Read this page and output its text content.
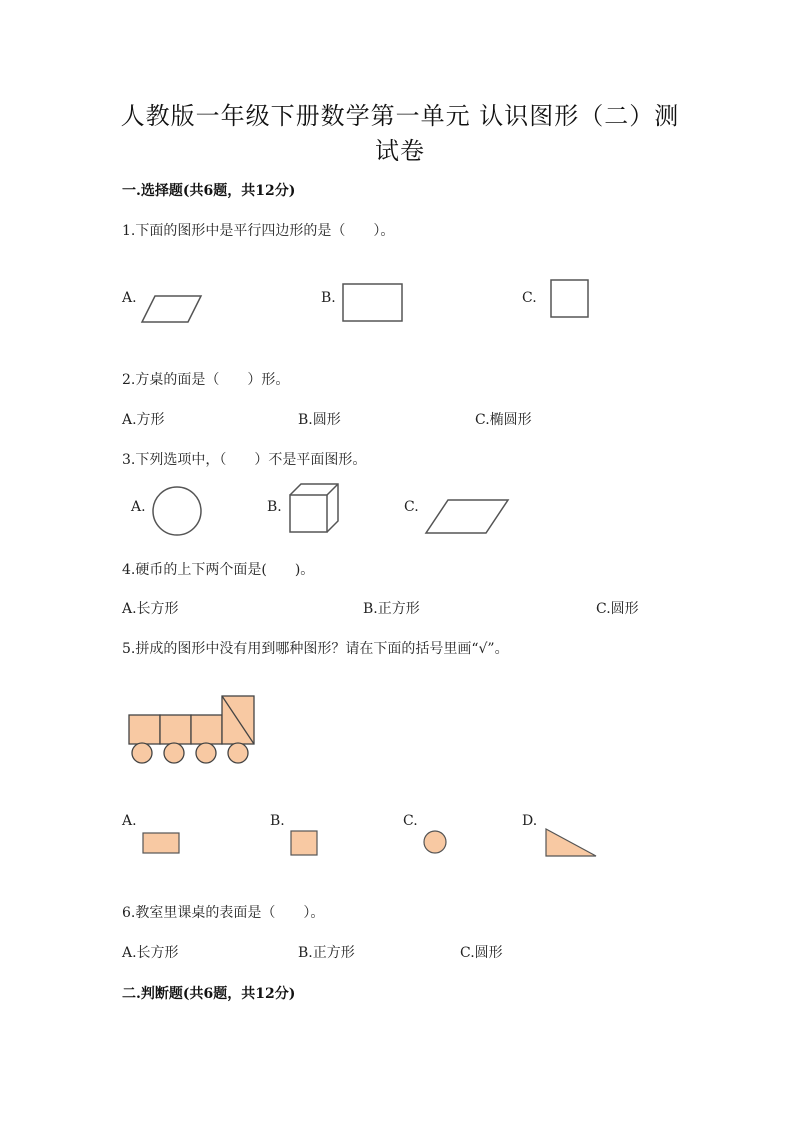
人教版一年级下册数学第一单元 认识图形（二）测
试卷
一.选择题(共6题，共12分)
1.下面的图形中是平行四边形的是（　　）。
A.	B.	C.
2.方桌的面是（　　）形。
A.方形	B.圆形	C.椭圆形
3.下列选项中，（　　）不是平面图形。
A.	B.	C.
4.硬币的上下两个面是(　　)。
A.长方形	B.正方形	C.圆形
5.拼成的图形中没有用到哪种图形？请在下面的括号里画“√”。
A.	B.	C.	D.
6.教室里课桌的表面是（　　）。
A.长方形	B.正方形	C.圆形
二.判断题(共6题，共12分)
